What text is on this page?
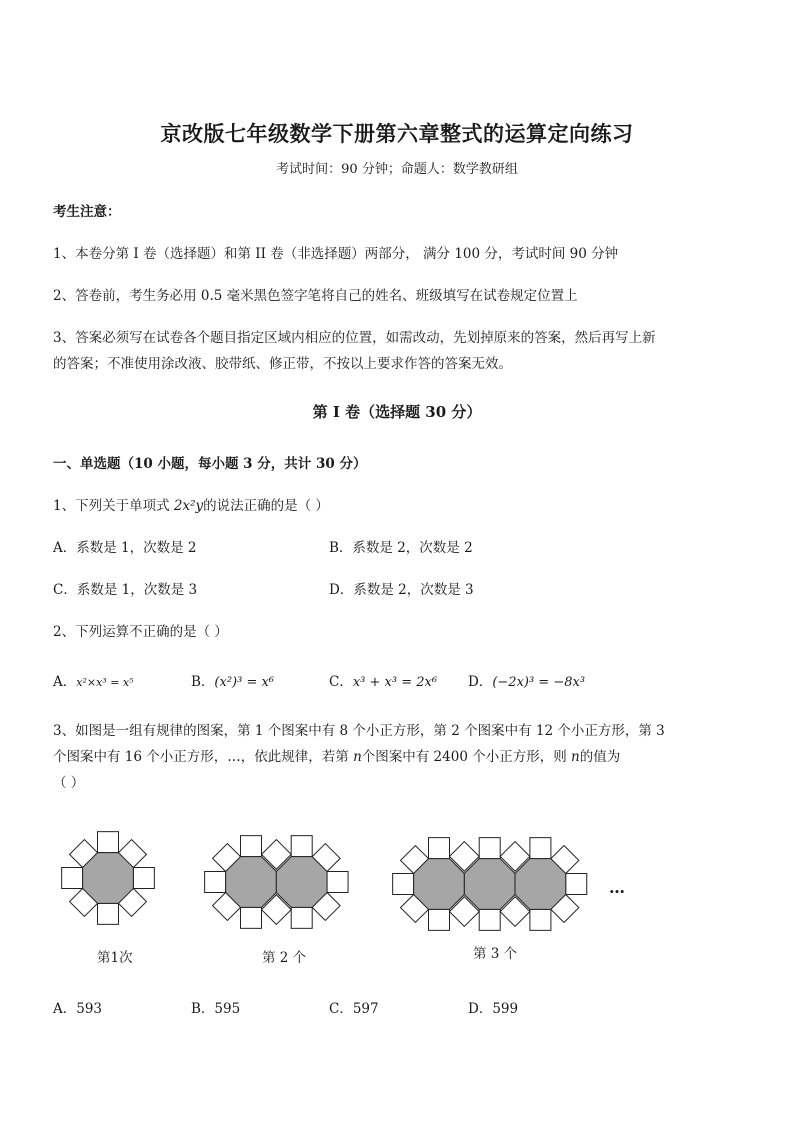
京改版七年级数学下册第六章整式的运算定向练习
考试时间：90 分钟；命题人：数学教研组
考生注意：
1、本卷分第 I 卷（选择题）和第 II 卷（非选择题）两部分， 满分 100 分，考试时间 90 分钟
2、答卷前，考生务必用 0.5 毫米黑色签字笔将自己的姓名、班级填写在试卷规定位置上
3、答案必须写在试卷各个题目指定区域内相应的位置，如需改动，先划掉原来的答案，然后再写上新
的答案；不准使用涂改液、胶带纸、修正带，不按以上要求作答的答案无效。
第 I 卷（选择题 30 分）
一、单选题（10 小题，每小题 3 分，共计 30 分）
1、下列关于单项式 2x²y的说法正确的是（ ）
A．系数是 1，次数是 2	B．系数是 2，次数是 2
C．系数是 1，次数是 3	D．系数是 2，次数是 3
2、下列运算不正确的是（ ）
A．x²×x³ = x⁵	B．(x²)³ = x⁶	C．x³ + x³ = 2x⁶ D．(−2x)³ = −8x³
3、如图是一组有规律的图案，第 1 个图案中有 8 个小正方形，第 2 个图案中有 12 个小正方形，第 3
个图案中有 16 个小正方形，…，依此规律，若第 n个图案中有 2400 个小正方形，则 n的值为
（ ）
第1次	第 2 个	第 3 个
…
A．593	B．595	C．597	D．599
